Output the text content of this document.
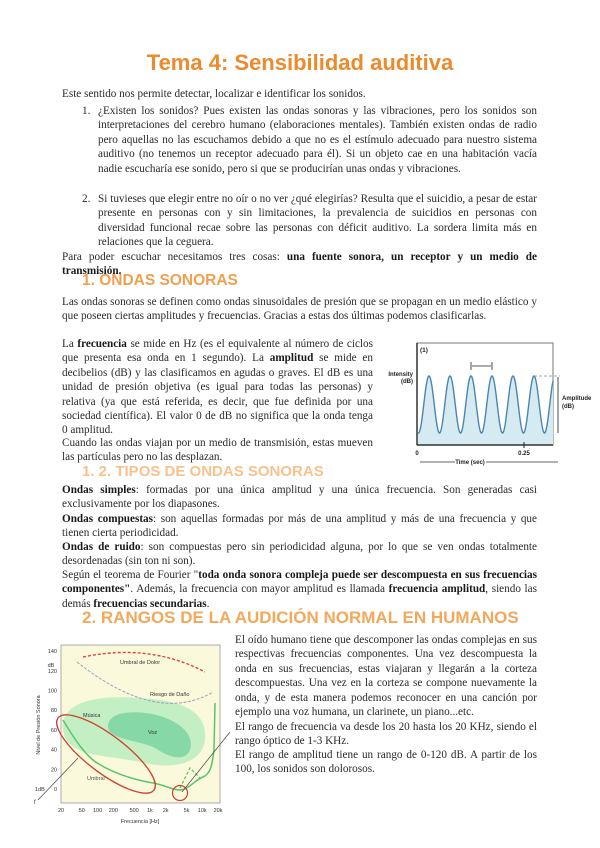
Tema 4: Sensibilidad auditiva
Este sentido nos permite detectar, localizar e identificar los sonidos.
1. ¿Existen los sonidos? Pues existen las ondas sonoras y las vibraciones, pero los sonidos son interpretaciones del cerebro humano (elaboraciones mentales). También existen ondas de radio pero aquellas no las escuchamos debido a que no es el estímulo adecuado para nuestro sistema auditivo (no tenemos un receptor adecuado para él). Si un objeto cae en una habitación vacía nadie escucharía ese sonido, pero si que se producirían unas ondas y vibraciones.
2. Si tuvieses que elegir entre no oír o no ver ¿qué elegirías? Resulta que el suicidio, a pesar de estar presente en personas con y sin limitaciones, la prevalencia de suicidios en personas con diversidad funcional recae sobre las personas con déficit auditivo. La sordera limita más en relaciones que la ceguera.
Para poder escuchar necesitamos tres cosas: una fuente sonora, un receptor y un medio de transmisión.
1. ONDAS SONORAS
Las ondas sonoras se definen como ondas sinusoidales de presión que se propagan en un medio elástico y que poseen ciertas amplitudes y frecuencias. Gracias a estas dos últimas podemos clasificarlas.
La frecuencia se mide en Hz (es el equivalente al número de ciclos que presenta esa onda en 1 segundo). La amplitud se mide en decibelios (dB) y las clasificamos en agudas o graves. El dB es una unidad de presión objetiva (es igual para todas las personas) y relativa (ya que está referida, es decir, que fue definida por una sociedad científica). El valor 0 de dB no significa que la onda tenga 0 amplitud.
Cuando las ondas viajan por un medio de transmisión, estas mueven las partículas pero no las desplazan.
(1)
Intensity
(dB)
Amplitude
(dB)
0	0.25
Time (sec)
1. 2. TIPOS DE ONDAS SONORAS
Ondas simples: formadas por una única amplitud y una única frecuencia. Son generadas casi exclusivamente por los diapasones.
Ondas compuestas: son aquellas formadas por más de una amplitud y más de una frecuencia y que tienen cierta periodicidad.
Ondas de ruido: son compuestas pero sin periodicidad alguna, por lo que se ven ondas totalmente desordenadas (sin ton ni son).
Según el teorema de Fourier "toda onda sonora compleja puede ser descompuesta en sus frecuencias componentes". Además, la frecuencia con mayor amplitud es llamada frecuencia amplitud, siendo las demás frecuencias secundarias.
2. RANGOS DE LA AUDICIÓN NORMAL EN HUMANOS
El oído humano tiene que descomponer las ondas complejas en sus respectivas frecuencias componentes. Una vez descompuesta la onda en sus frecuencias, estas viajaran y llegarán a la corteza descompuestas. Una vez en la corteza se compone nuevamente la onda, y de esta manera podemos reconocer en una canción por ejemplo una voz humana, un clarinete, un piano...etc.
El rango de frecuencia va desde los 20 hasta los 20 KHz, siendo el rango óptico de 1-3 KHz.
El rango de amplitud tiene un rango de 0-120 dB. A partir de los 100, los sonidos son dolorosos.
140
120
100
80
60
40
20
0
20	50 100 200 500 1k 2k	5k 10k 20k
dB
Nivel de Presión Sonora
Frecuencia [Hz]
Umbral de Dolor
Riesgo de Daño
Música
Voz
Umbral
1dB
f
